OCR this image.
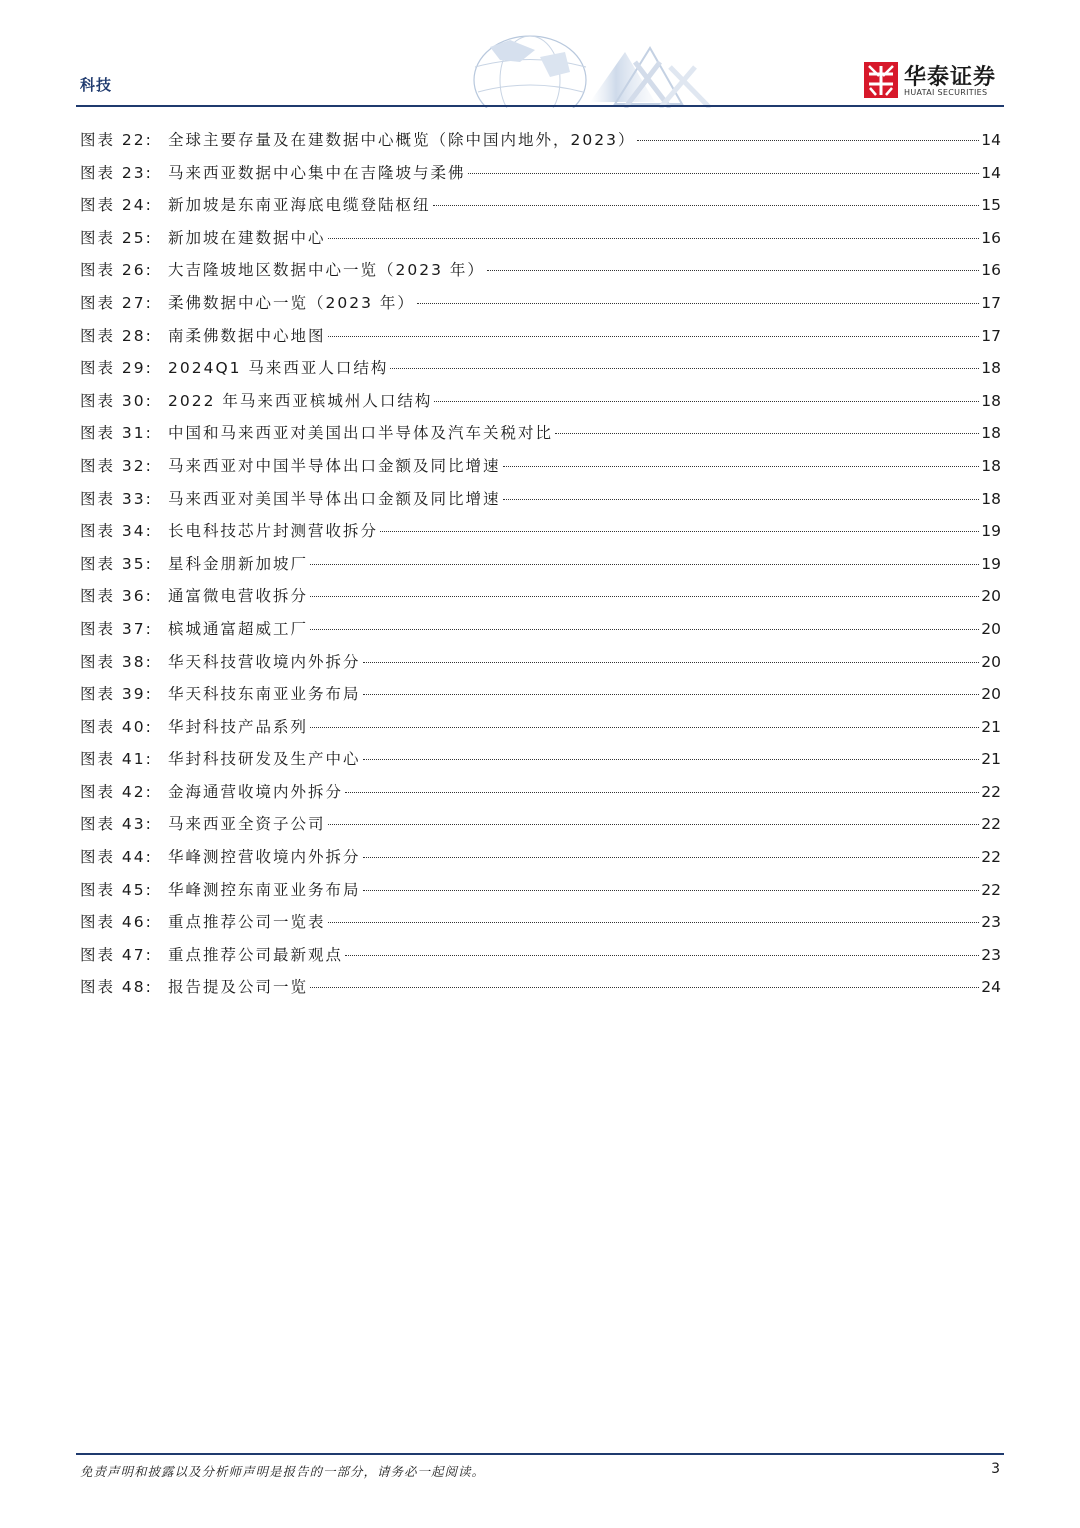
科技	华泰证券
HUATAI SECURITIES
图表 22: 全球主要存量及在建数据中心概览（除中国内地外，2023）	14
图表 23: 马来西亚数据中心集中在吉隆坡与柔佛	14
图表 24: 新加坡是东南亚海底电缆登陆枢纽	15
图表 25: 新加坡在建数据中心	16
图表 26: 大吉隆坡地区数据中心一览（2023 年）	16
图表 27: 柔佛数据中心一览（2023 年）	17
图表 28: 南柔佛数据中心地图	17
图表 29: 2024Q1 马来西亚人口结构	18
图表 30: 2022 年马来西亚槟城州人口结构	18
图表 31: 中国和马来西亚对美国出口半导体及汽车关税对比	18
图表 32: 马来西亚对中国半导体出口金额及同比增速	18
图表 33: 马来西亚对美国半导体出口金额及同比增速	18
图表 34: 长电科技芯片封测营收拆分	19
图表 35: 星科金朋新加坡厂	19
图表 36: 通富微电营收拆分	20
图表 37: 槟城通富超威工厂	20
图表 38: 华天科技营收境内外拆分	20
图表 39: 华天科技东南亚业务布局	20
图表 40: 华封科技产品系列	21
图表 41: 华封科技研发及生产中心	21
图表 42: 金海通营收境内外拆分	22
图表 43: 马来西亚全资子公司	22
图表 44: 华峰测控营收境内外拆分	22
图表 45: 华峰测控东南亚业务布局	22
图表 46: 重点推荐公司一览表	23
图表 47: 重点推荐公司最新观点	23
图表 48: 报告提及公司一览	24
免责声明和披露以及分析师声明是报告的一部分，请务必一起阅读。	3
